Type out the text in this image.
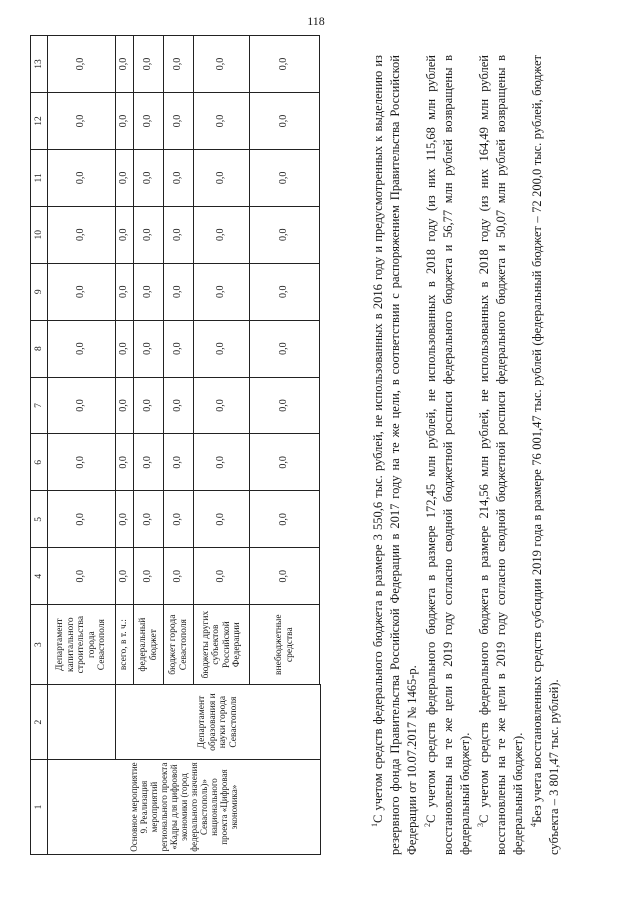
118
1	2	3	4	5	6	7	8	9	10	11	12	13
Основное мероприятие 9. Реализация мероприятий регионального проекта «Кадры для цифровой экономики (город федерального значения Севастополь)» национального проекта «Цифровая экономика»		Департамент капитального строительства города Севастополя	0,0	0,0	0,0	0,0	0,0	0,0	0,0	0,0	0,0	0,0
	Департамент образования и науки города Севастополя	всего, в т. ч.:	0,0	0,0	0,0	0,0	0,0	0,0	0,0	0,0	0,0	0,0
		федеральный бюджет	0,0	0,0	0,0	0,0	0,0	0,0	0,0	0,0	0,0	0,0
		бюджет города Севастополя	0,0	0,0	0,0	0,0	0,0	0,0	0,0	0,0	0,0	0,0
		бюджеты других субъектов Российской Федерации	0,0	0,0	0,0	0,0	0,0	0,0	0,0	0,0	0,0	0,0
		внебюджетные средства	0,0	0,0	0,0	0,0	0,0	0,0	0,0	0,0	0,0	0,0

$^1$С учетом средств федерального бюджета в размере 3 550,6 тыс. рублей, не использованных в 2016 году и предусмотренных к выделению из резервного фонда Правительства Российской Федерации в 2017 году на те же цели, в соответствии с распоряжением Правительства Российской Федерации от 10.07.2017 № 1465-р. $^2$С учетом средств федерального бюджета в размере 172,45 млн рублей, не использованных в 2018 году (из них 115,68 млн рублей восстановлены на те же цели в 2019 году согласно сводной бюджетной росписи федерального бюджета и 56,77 млн рублей возвращены в федеральный бюджет). $^3$С учетом средств федерального бюджета в размере 214,56 млн рублей, не использованных в 2018 году (из них 164,49 млн рублей восстановлены на те же цели в 2019 году согласно сводной бюджетной росписи федерального бюджета и 50,07 млн рублей возвращены в федеральный бюджет). $^4$Без учета восстановленных средств субсидии 2019 года в размере 76 001,47 тыс. рублей (федеральный бюджет – 72 200,0 тыс. рублей, бюджет субъекта – 3 801,47 тыс. рублей).
